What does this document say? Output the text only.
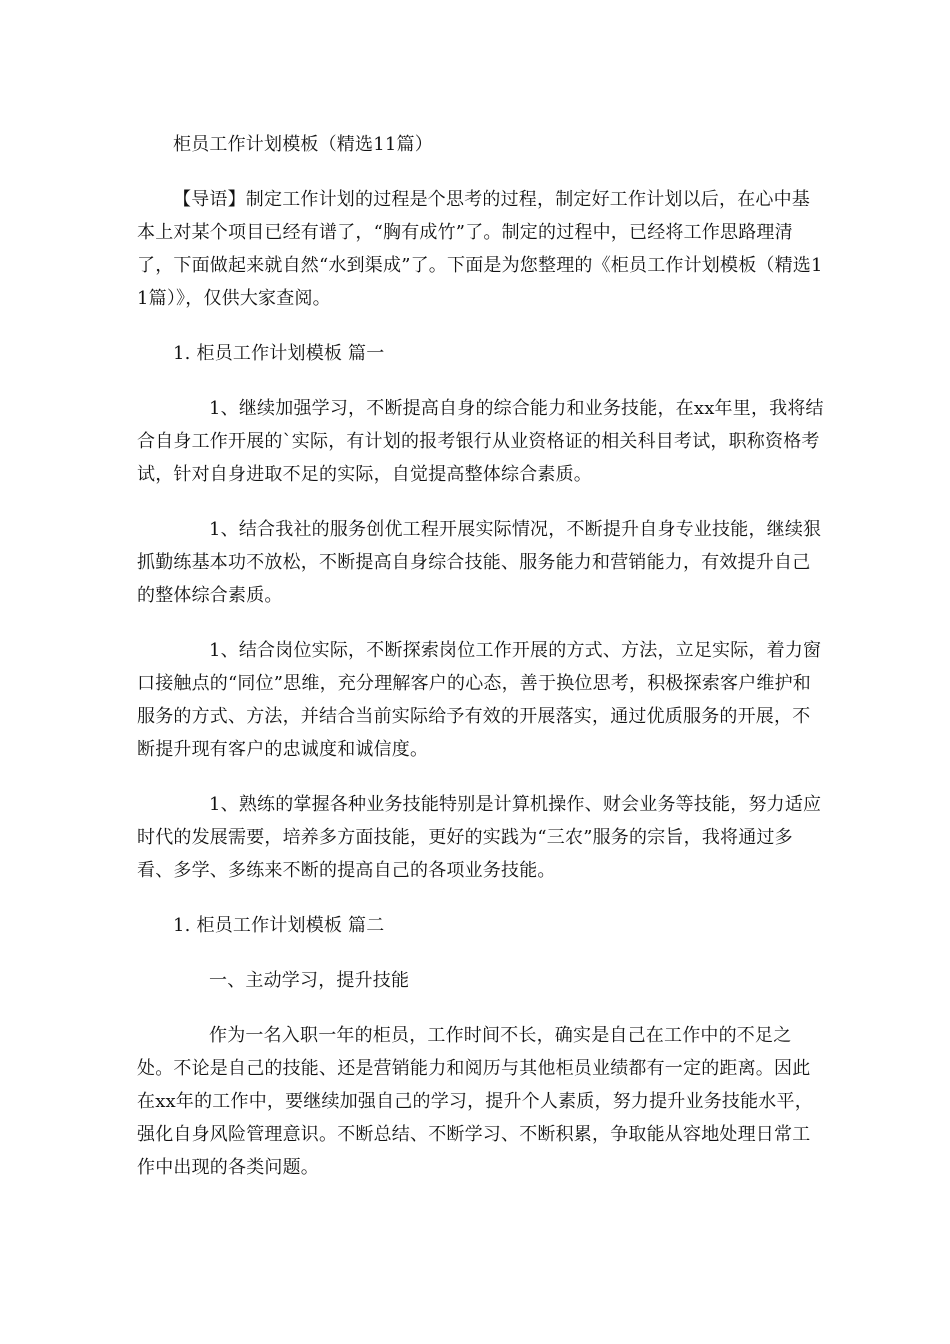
柜员工作计划模板（精选11篇）

【导语】制定工作计划的过程是个思考的过程，制定好工作计划以后，在心中基本上对某个项目已经有谱了，“胸有成竹”了。制定的过程中，已经将工作思路理清了，下面做起来就自然“水到渠成”了。下面是为您整理的《柜员工作计划模板（精选11篇）》，仅供大家查阅。

1. 柜员工作计划模板 篇一

1、继续加强学习，不断提高自身的综合能力和业务技能，在xx年里，我将结合自身工作开展的`实际，有计划的报考银行从业资格证的相关科目考试，职称资格考试，针对自身进取不足的实际，自觉提高整体综合素质。

1、结合我社的服务创优工程开展实际情况，不断提升自身专业技能，继续狠抓勤练基本功不放松，不断提高自身综合技能、服务能力和营销能力，有效提升自己的整体综合素质。

1、结合岗位实际，不断探索岗位工作开展的方式、方法，立足实际，着力窗口接触点的“同位”思维，充分理解客户的心态，善于换位思考，积极探索客户维护和服务的方式、方法，并结合当前实际给予有效的开展落实，通过优质服务的开展，不断提升现有客户的忠诚度和诚信度。

1、熟练的掌握各种业务技能特别是计算机操作、财会业务等技能，努力适应时代的发展需要，培养多方面技能，更好的实践为“三农”服务的宗旨，我将通过多看、多学、多练来不断的提高自己的各项业务技能。

1. 柜员工作计划模板 篇二

一、主动学习，提升技能

作为一名入职一年的柜员，工作时间不长，确实是自己在工作中的不足之处。不论是自己的技能、还是营销能力和阅历与其他柜员业绩都有一定的距离。因此在xx年的工作中，要继续加强自己的学习，提升个人素质，努力提升业务技能水平，强化自身风险管理意识。不断总结、不断学习、不断积累，争取能从容地处理日常工作中出现的各类问题。
